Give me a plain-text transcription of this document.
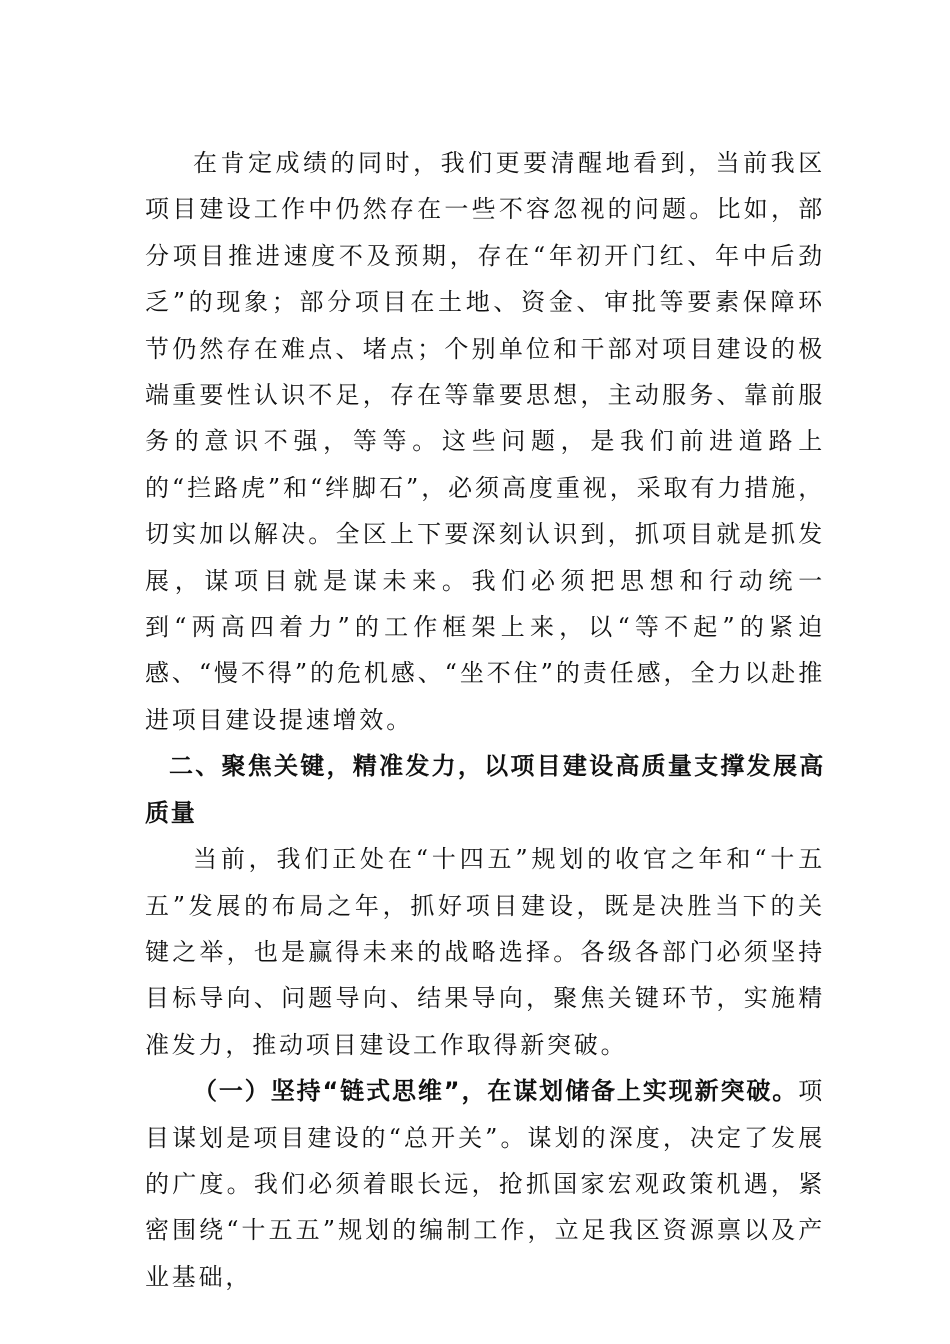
在肯定成绩的同时，我们更要清醒地看到，当前我区项目建设工作中仍然存在一些不容忽视的问题。比如，部分项目推进速度不及预期，存在“年初开门红、年中后劲乏”的现象；部分项目在土地、资金、审批等要素保障环节仍然存在难点、堵点；个别单位和干部对项目建设的极端重要性认识不足，存在等靠要思想，主动服务、靠前服务的意识不强，等等。这些问题，是我们前进道路上的“拦路虎”和“绊脚石”，必须高度重视，采取有力措施，切实加以解决。全区上下要深刻认识到，抓项目就是抓发展，谋项目就是谋未来。我们必须把思想和行动统一到“两高四着力”的工作框架上来，以“等不起”的紧迫感、“慢不得”的危机感、“坐不住”的责任感，全力以赴推进项目建设提速增效。

二、聚焦关键，精准发力，以项目建设高质量支撑发展高质量

当前，我们正处在“十四五”规划的收官之年和“十五五”发展的布局之年，抓好项目建设，既是决胜当下的关键之举，也是赢得未来的战略选择。各级各部门必须坚持目标导向、问题导向、结果导向，聚焦关键环节，实施精准发力，推动项目建设工作取得新突破。

（一）坚持“链式思维”，在谋划储备上实现新突破。项目谋划是项目建设的“总开关”。谋划的深度，决定了发展的广度。我们必须着眼长远，抢抓国家宏观政策机遇，紧密围绕“十五五”规划的编制工作，立足我区资源禀以及产业基础，
